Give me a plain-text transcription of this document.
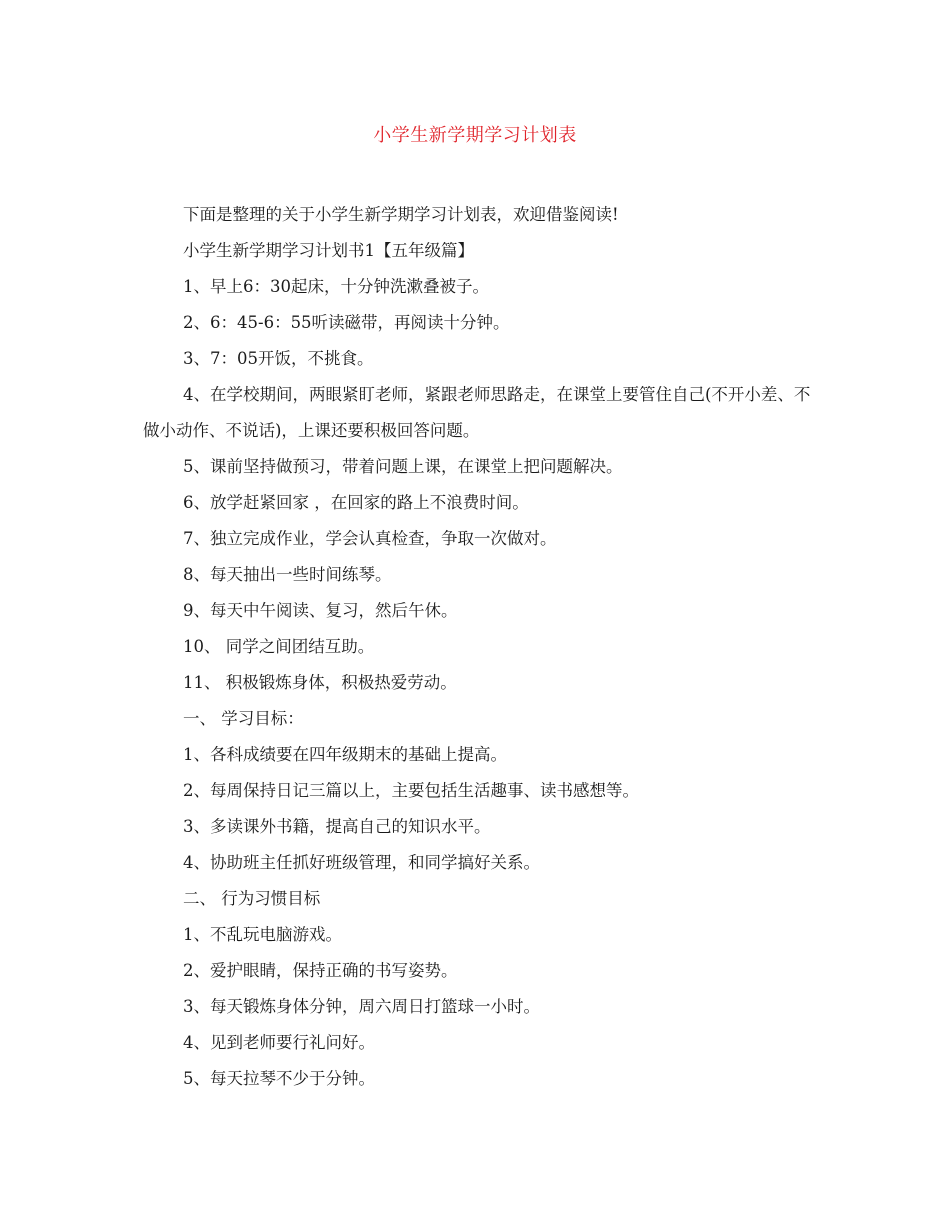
小学生新学期学习计划表

下面是整理的关于小学生新学期学习计划表，欢迎借鉴阅读!

小学生新学期学习计划书1【五年级篇】

1、早上6：30起床，十分钟洗漱叠被子。

2、6：45-6：55听读磁带，再阅读十分钟。

3、7：05开饭，不挑食。

4、在学校期间，两眼紧盯老师，紧跟老师思路走，在课堂上要管住自己(不开小差、不做小动作、不说话)，上课还要积极回答问题。

5、课前坚持做预习，带着问题上课，在课堂上把问题解决。

6、放学赶紧回家 ，在回家的路上不浪费时间。

7、独立完成作业，学会认真检查，争取一次做对。

8、每天抽出一些时间练琴。

9、每天中午阅读、复习，然后午休。

10、 同学之间团结互助。

11、 积极锻炼身体，积极热爱劳动。

一、 学习目标：

1、各科成绩要在四年级期末的基础上提高。

2、每周保持日记三篇以上，主要包括生活趣事、读书感想等。

3、多读课外书籍，提高自己的知识水平。

4、协助班主任抓好班级管理，和同学搞好关系。

二、 行为习惯目标

1、不乱玩电脑游戏。

2、爱护眼睛，保持正确的书写姿势。

3、每天锻炼身体分钟，周六周日打篮球一小时。

4、见到老师要行礼问好。

5、每天拉琴不少于分钟。
